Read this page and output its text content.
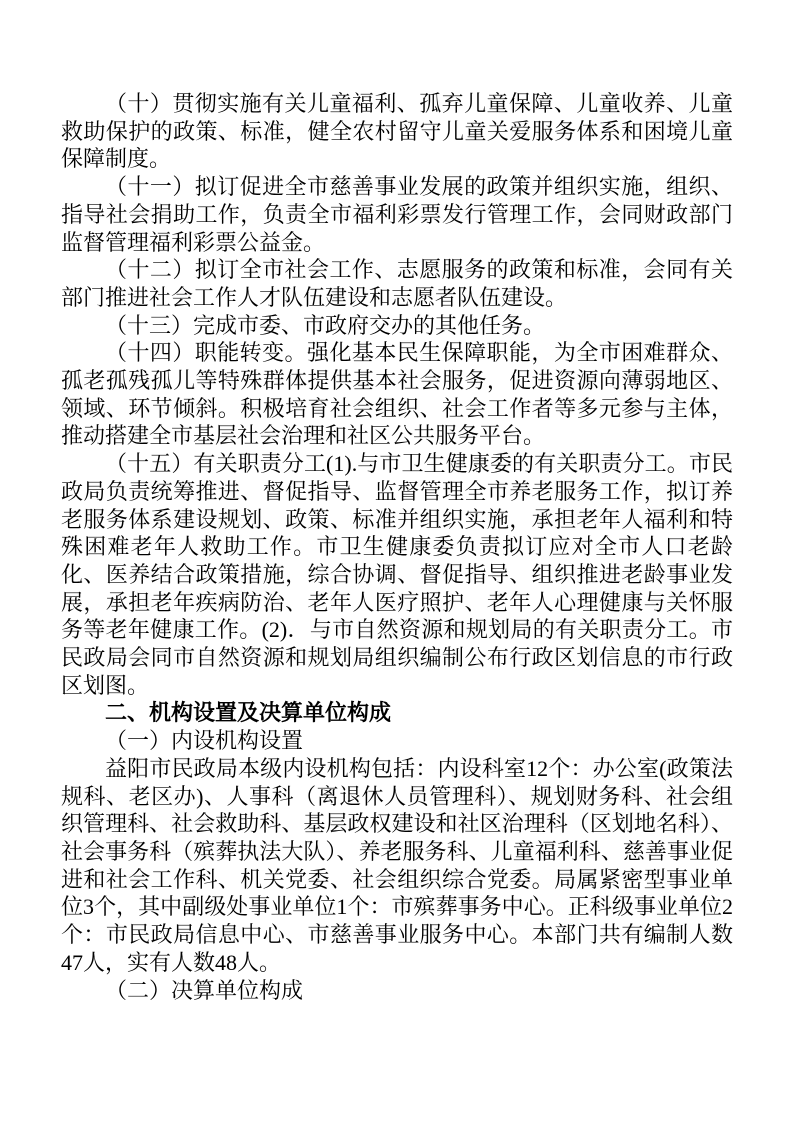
（十）贯彻实施有关儿童福利、孤弃儿童保障、儿童收养、儿童救助保护的政策、标准，健全农村留守儿童关爱服务体系和困境儿童保障制度。

（十一）拟订促进全市慈善事业发展的政策并组织实施，组织、指导社会捐助工作，负责全市福利彩票发行管理工作，会同财政部门监督管理福利彩票公益金。

（十二）拟订全市社会工作、志愿服务的政策和标准，会同有关部门推进社会工作人才队伍建设和志愿者队伍建设。

（十三）完成市委、市政府交办的其他任务。

（十四）职能转变。强化基本民生保障职能，为全市困难群众、孤老孤残孤儿等特殊群体提供基本社会服务，促进资源向薄弱地区、领域、环节倾斜。积极培育社会组织、社会工作者等多元参与主体，推动搭建全市基层社会治理和社区公共服务平台。

（十五）有关职责分工(1).与市卫生健康委的有关职责分工。市民政局负责统筹推进、督促指导、监督管理全市养老服务工作，拟订养老服务体系建设规划、政策、标准并组织实施，承担老年人福利和特殊困难老年人救助工作。市卫生健康委负责拟订应对全市人口老龄化、医养结合政策措施，综合协调、督促指导、组织推进老龄事业发展，承担老年疾病防治、老年人医疗照护、老年人心理健康与关怀服务等老年健康工作。(2)．与市自然资源和规划局的有关职责分工。市民政局会同市自然资源和规划局组织编制公布行政区划信息的市行政区划图。

二、机构设置及决算单位构成

（一）内设机构设置

益阳市民政局本级内设机构包括：内设科室12个：办公室(政策法规科、老区办)、人事科（离退休人员管理科）、规划财务科、社会组织管理科、社会救助科、基层政权建设和社区治理科（区划地名科）、社会事务科（殡葬执法大队）、养老服务科、儿童福利科、慈善事业促进和社会工作科、机关党委、社会组织综合党委。局属紧密型事业单位3个，其中副级处事业单位1个：市殡葬事务中心。正科级事业单位2个：市民政局信息中心、市慈善事业服务中心。本部门共有编制人数47人，实有人数48人。

（二）决算单位构成
